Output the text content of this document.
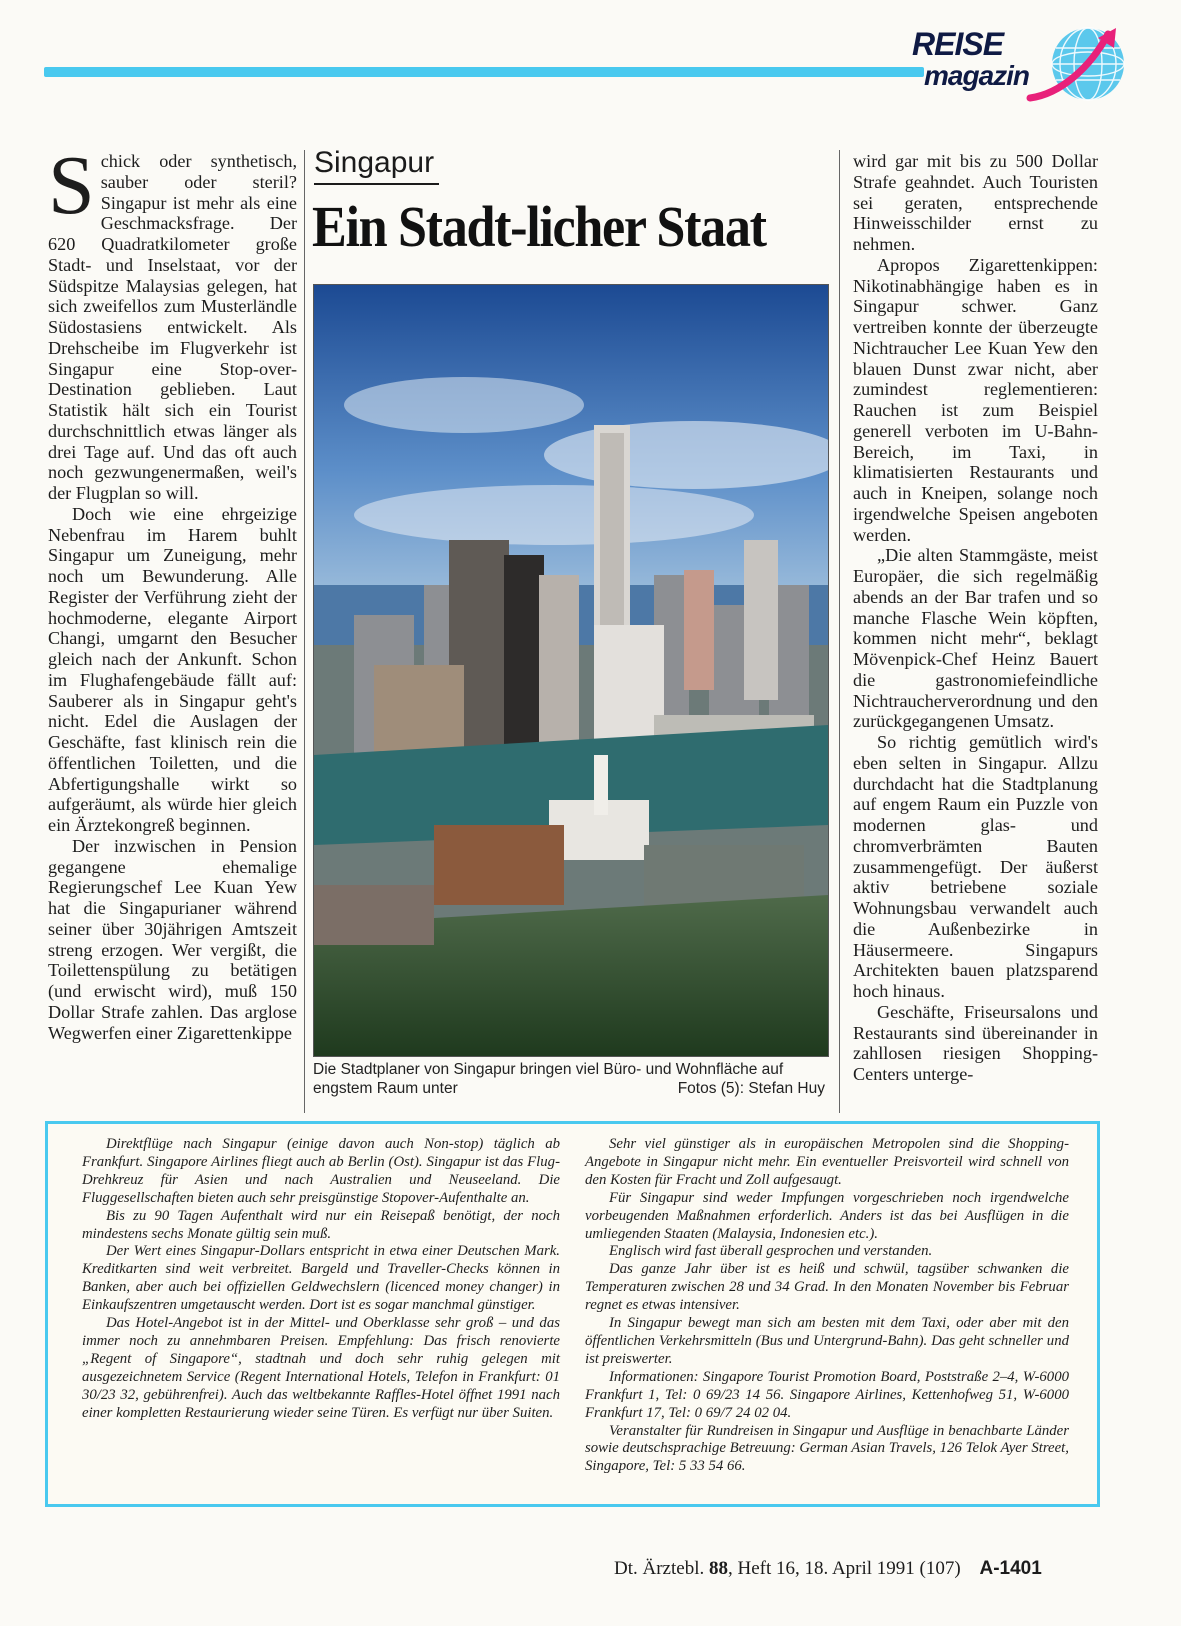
REISE
magazin

Schick oder synthetisch, sauber oder steril? Singapur ist mehr als eine Geschmacksfrage. Der 620 Quadratkilometer große Stadt- und Inselstaat, vor der Südspitze Malaysias gelegen, hat sich zweifellos zum Musterländle Südostasiens entwickelt. Als Drehscheibe im Flugverkehr ist Singapur eine Stop-over-Destination geblieben. Laut Statistik hält sich ein Tourist durchschnittlich etwas länger als drei Tage auf. Und das oft auch noch gezwungenermaßen, weil's der Flugplan so will.

Doch wie eine ehrgeizige Nebenfrau im Harem buhlt Singapur um Zuneigung, mehr noch um Bewunderung. Alle Register der Verführung zieht der hochmoderne, elegante Airport Changi, umgarnt den Besucher gleich nach der Ankunft. Schon im Flughafengebäude fällt auf: Sauberer als in Singapur geht's nicht. Edel die Auslagen der Geschäfte, fast klinisch rein die öffentlichen Toiletten, und die Abfertigungshalle wirkt so aufgeräumt, als würde hier gleich ein Ärztekongreß beginnen.

Der inzwischen in Pension gegangene ehemalige Regierungschef Lee Kuan Yew hat die Singapurianer während seiner über 30jährigen Amtszeit streng erzogen. Wer vergißt, die Toilettenspülung zu betätigen (und erwischt wird), muß 150 Dollar Strafe zahlen. Das arglose Wegwerfen einer Zigarettenkippe

Singapur
Ein Stadt-licher Staat
Die Stadtplaner von Singapur bringen viel Büro- und Wohnfläche auf engstem Raum unter	Fotos (5): Stefan Huy

wird gar mit bis zu 500 Dollar Strafe geahndet. Auch Touristen sei geraten, entsprechende Hinweisschilder ernst zu nehmen.

Apropos Zigarettenkippen: Nikotinabhängige haben es in Singapur schwer. Ganz vertreiben konnte der überzeugte Nichtraucher Lee Kuan Yew den blauen Dunst zwar nicht, aber zumindest reglementieren: Rauchen ist zum Beispiel generell verboten im U-Bahn-Bereich, im Taxi, in klimatisierten Restaurants und auch in Kneipen, solange noch irgendwelche Speisen angeboten werden.

„Die alten Stammgäste, meist Europäer, die sich regelmäßig abends an der Bar trafen und so manche Flasche Wein köpften, kommen nicht mehr“, beklagt Mövenpick-Chef Heinz Bauert die gastronomiefeindliche Nichtraucherverordnung und den zurückgegangenen Umsatz.

So richtig gemütlich wird's eben selten in Singapur. Allzu durchdacht hat die Stadtplanung auf engem Raum ein Puzzle von modernen glas- und chromverbrämten Bauten zusammengefügt. Der äußerst aktiv betriebene soziale Wohnungsbau verwandelt auch die Außenbezirke in Häusermeere. Singapurs Architekten bauen platzsparend hoch hinaus.

Geschäfte, Friseursalons und Restaurants sind übereinander in zahllosen riesigen Shopping-Centers unterge-

Direktflüge nach Singapur (einige davon auch Non-stop) täglich ab Frankfurt. Singapore Airlines fliegt auch ab Berlin (Ost). Singapur ist das Flug-Drehkreuz für Asien und nach Australien und Neuseeland. Die Fluggesellschaften bieten auch sehr preisgünstige Stopover-Aufenthalte an.

Bis zu 90 Tagen Aufenthalt wird nur ein Reisepaß benötigt, der noch mindestens sechs Monate gültig sein muß.

Der Wert eines Singapur-Dollars entspricht in etwa einer Deutschen Mark. Kreditkarten sind weit verbreitet. Bargeld und Traveller-Checks können in Banken, aber auch bei offiziellen Geldwechslern (licenced money changer) in Einkaufszentren umgetauscht werden. Dort ist es sogar manchmal günstiger.

Das Hotel-Angebot ist in der Mittel- und Oberklasse sehr groß – und das immer noch zu annehmbaren Preisen. Empfehlung: Das frisch renovierte „Regent of Singapore“, stadtnah und doch sehr ruhig gelegen mit ausgezeichnetem Service (Regent International Hotels, Telefon in Frankfurt: 01 30/23 32, gebührenfrei). Auch das weltbekannte Raffles-Hotel öffnet 1991 nach einer kompletten Restaurierung wieder seine Türen. Es verfügt nur über Suiten.

Sehr viel günstiger als in europäischen Metropolen sind die Shopping-Angebote in Singapur nicht mehr. Ein eventueller Preisvorteil wird schnell von den Kosten für Fracht und Zoll aufgesaugt.

Für Singapur sind weder Impfungen vorgeschrieben noch irgendwelche vorbeugenden Maßnahmen erforderlich. Anders ist das bei Ausflügen in die umliegenden Staaten (Malaysia, Indonesien etc.).

Englisch wird fast überall gesprochen und verstanden.

Das ganze Jahr über ist es heiß und schwül, tagsüber schwanken die Temperaturen zwischen 28 und 34 Grad. In den Monaten November bis Februar regnet es etwas intensiver.

In Singapur bewegt man sich am besten mit dem Taxi, oder aber mit den öffentlichen Verkehrsmitteln (Bus und Untergrund-Bahn). Das geht schneller und ist preiswerter.

Informationen: Singapore Tourist Promotion Board, Poststraße 2–4, W-6000 Frankfurt 1, Tel: 0 69/23 14 56. Singapore Airlines, Kettenhofweg 51, W-6000 Frankfurt 17, Tel: 0 69/7 24 02 04.

Veranstalter für Rundreisen in Singapur und Ausflüge in benachbarte Länder sowie deutschsprachige Betreuung: German Asian Travels, 126 Telok Ayer Street, Singapore, Tel: 5 33 54 66.

Dt. Ärztebl. 88, Heft 16, 18. April 1991 (107) A-1401
